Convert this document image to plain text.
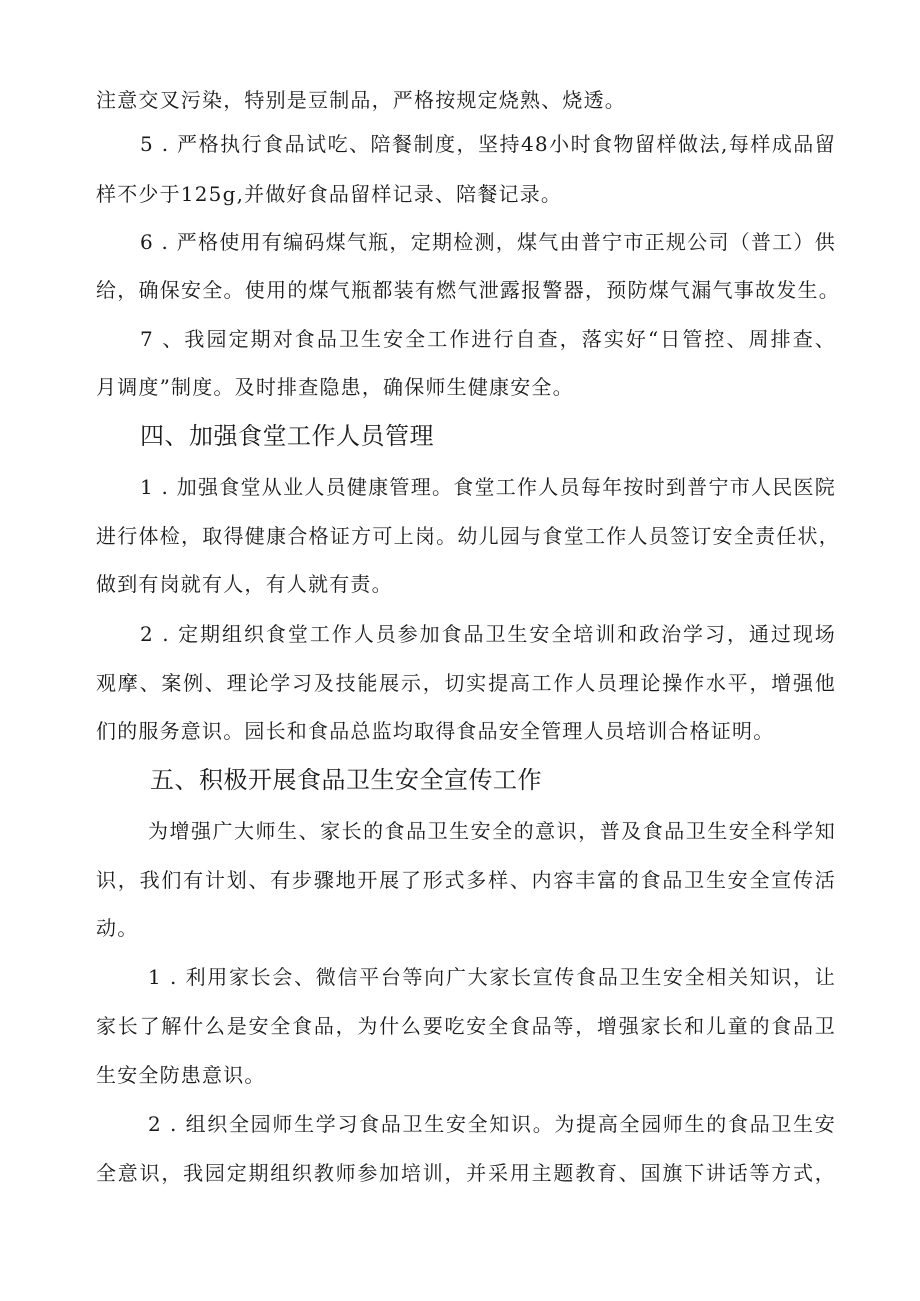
注意交叉污染，特别是豆制品，严格按规定烧熟、烧透。
5 . 严格执行食品试吃、陪餐制度，坚持48小时食物留样做法,每样成品留
样不少于125g,并做好食品留样记录、陪餐记录。
6 . 严格使用有编码煤气瓶，定期检测，煤气由普宁市正规公司（普工）供
给，确保安全。使用的煤气瓶都装有燃气泄露报警器，预防煤气漏气事故发生。
7 、我园定期对食品卫生安全工作进行自查，落实好“日管控、周排查、
月调度”制度。及时排查隐患，确保师生健康安全。
四、加强食堂工作人员管理
1 . 加强食堂从业人员健康管理。食堂工作人员每年按时到普宁市人民医院
进行体检，取得健康合格证方可上岗。幼儿园与食堂工作人员签订安全责任状，
做到有岗就有人，有人就有责。
2 . 定期组织食堂工作人员参加食品卫生安全培训和政治学习，通过现场
观摩、案例、理论学习及技能展示，切实提高工作人员理论操作水平，增强他
们的服务意识。园长和食品总监均取得食品安全管理人员培训合格证明。
五、积极开展食品卫生安全宣传工作
为增强广大师生、家长的食品卫生安全的意识，普及食品卫生安全科学知
识，我们有计划、有步骤地开展了形式多样、内容丰富的食品卫生安全宣传活
动。
1 . 利用家长会、微信平台等向广大家长宣传食品卫生安全相关知识，让
家长了解什么是安全食品，为什么要吃安全食品等，增强家长和儿童的食品卫
生安全防患意识。
2 . 组织全园师生学习食品卫生安全知识。为提高全园师生的食品卫生安
全意识，我园定期组织教师参加培训，并采用主题教育、国旗下讲话等方式，
